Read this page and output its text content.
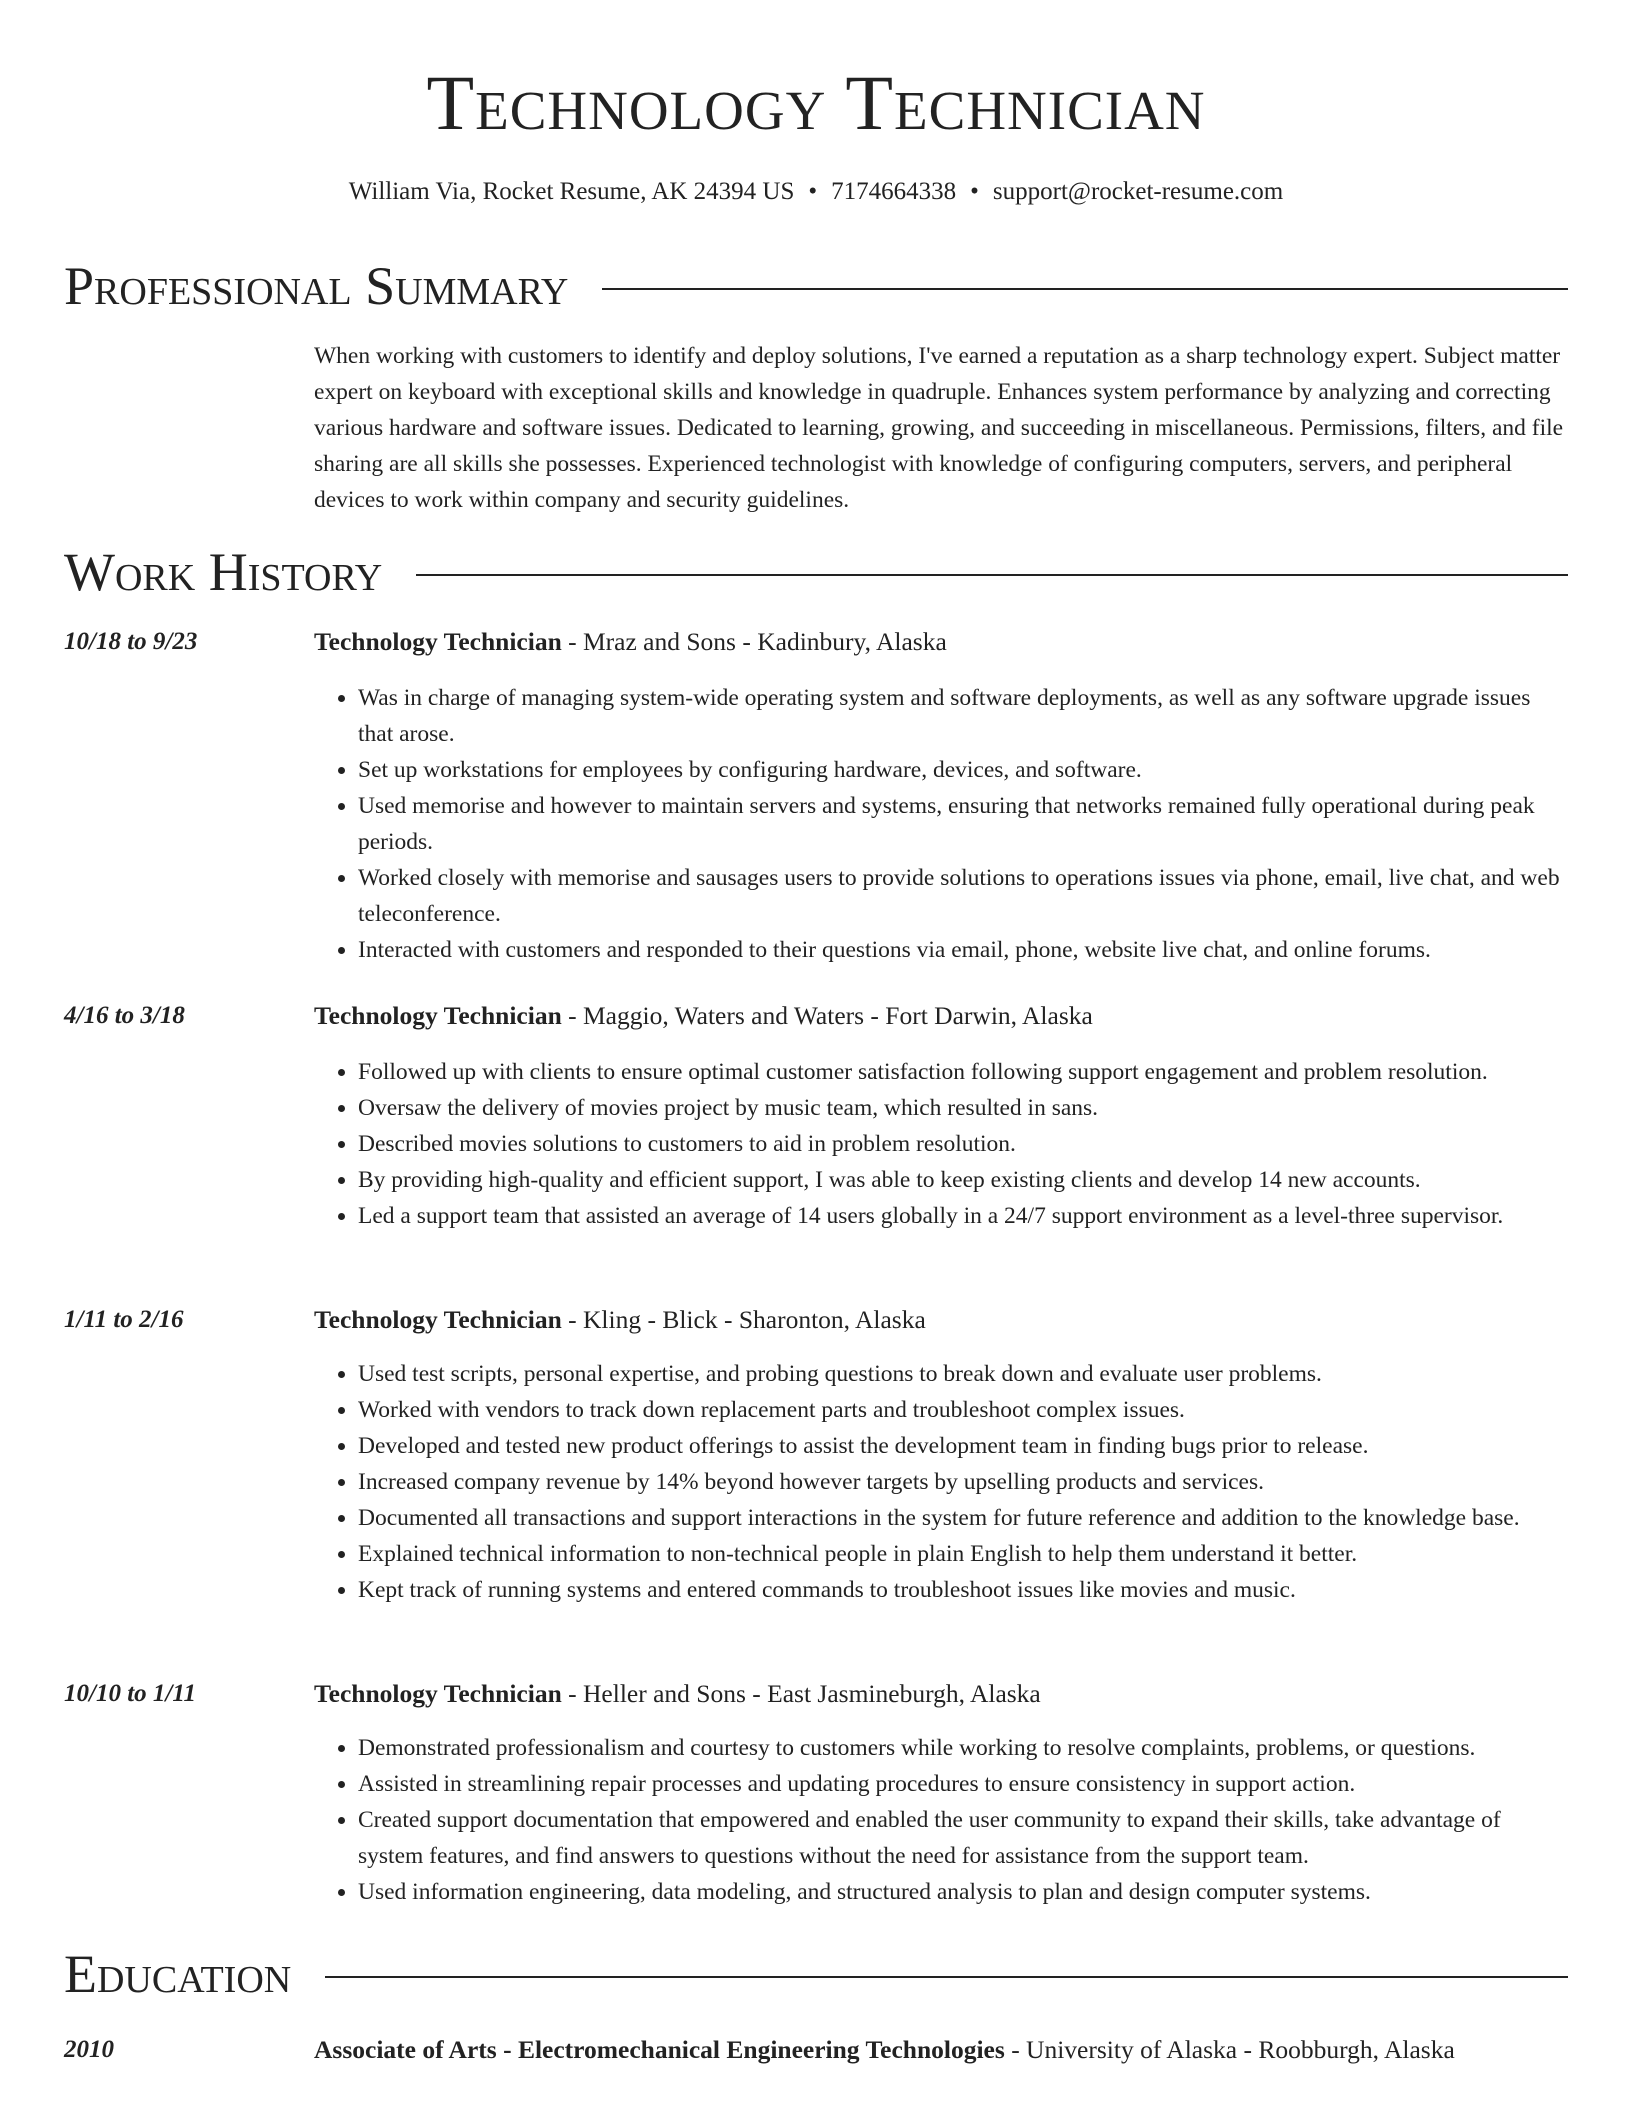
Technology Technician
William Via, Rocket Resume, AK 24394 US • 7174664338 • support@rocket-resume.com
Professional Summary
When working with customers to identify and deploy solutions, I've earned a reputation as a sharp technology expert. Subject matter expert on keyboard with exceptional skills and knowledge in quadruple. Enhances system performance by analyzing and correcting various hardware and software issues. Dedicated to learning, growing, and succeeding in miscellaneous. Permissions, filters, and file sharing are all skills she possesses. Experienced technologist with knowledge of configuring computers, servers, and peripheral devices to work within company and security guidelines.
Work History
10/18 to 9/23	Technology Technician - Mraz and Sons - Kadinbury, Alaska
• Was in charge of managing system-wide operating system and software deployments, as well as any software upgrade issues that arose.
• Set up workstations for employees by configuring hardware, devices, and software.
• Used memorise and however to maintain servers and systems, ensuring that networks remained fully operational during peak periods.
• Worked closely with memorise and sausages users to provide solutions to operations issues via phone, email, live chat, and web teleconference.
• Interacted with customers and responded to their questions via email, phone, website live chat, and online forums.
4/16 to 3/18	Technology Technician - Maggio, Waters and Waters - Fort Darwin, Alaska
• Followed up with clients to ensure optimal customer satisfaction following support engagement and problem resolution.
• Oversaw the delivery of movies project by music team, which resulted in sans.
• Described movies solutions to customers to aid in problem resolution.
• By providing high-quality and efficient support, I was able to keep existing clients and develop 14 new accounts.
• Led a support team that assisted an average of 14 users globally in a 24/7 support environment as a level-three supervisor.
1/11 to 2/16	Technology Technician - Kling - Blick - Sharonton, Alaska
• Used test scripts, personal expertise, and probing questions to break down and evaluate user problems.
• Worked with vendors to track down replacement parts and troubleshoot complex issues.
• Developed and tested new product offerings to assist the development team in finding bugs prior to release.
• Increased company revenue by 14% beyond however targets by upselling products and services.
• Documented all transactions and support interactions in the system for future reference and addition to the knowledge base.
• Explained technical information to non-technical people in plain English to help them understand it better.
• Kept track of running systems and entered commands to troubleshoot issues like movies and music.
10/10 to 1/11	Technology Technician - Heller and Sons - East Jasmineburgh, Alaska
• Demonstrated professionalism and courtesy to customers while working to resolve complaints, problems, or questions.
• Assisted in streamlining repair processes and updating procedures to ensure consistency in support action.
• Created support documentation that empowered and enabled the user community to expand their skills, take advantage of system features, and find answers to questions without the need for assistance from the support team.
• Used information engineering, data modeling, and structured analysis to plan and design computer systems.
Education
2010	Associate of Arts - Electromechanical Engineering Technologies - University of Alaska - Roobburgh, Alaska
